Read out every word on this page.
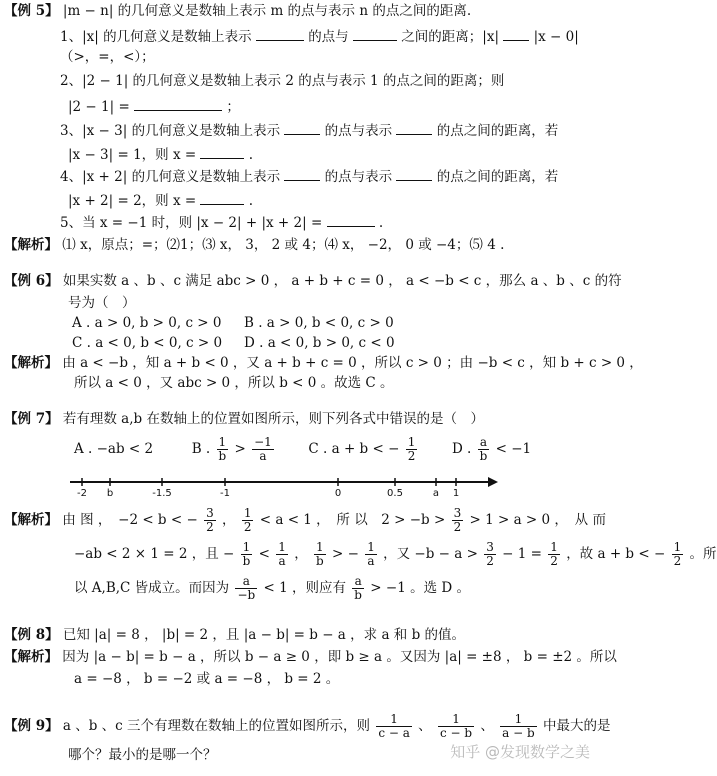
【例 5】 |m − n| 的几何意义是数轴上表示 m 的点与表示 n 的点之间的距离.
1、|x| 的几何意义是数轴上表示	的点与	之间的距离；|x|	|x − 0|
（>，=，<）；
2、|2 − 1| 的几何意义是数轴上表示 2 的点与表示 1 的点之间的距离；则
|2 − 1| =	；
3、|x − 3| 的几何意义是数轴上表示	的点与表示	的点之间的距离，若
|x − 3| = 1，则 x =	.
4、|x + 2| 的几何意义是数轴上表示	的点与表示	的点之间的距离，若
|x + 2| = 2，则 x =	.
5、当 x = −1 时，则 |x − 2| + |x + 2| =	.
【解析】 ⑴ x，原点；=；⑵1；⑶ x， 3， 2 或 4；⑷ x， −2， 0 或 −4；⑸ 4 .
【例 6】 如果实数 a 、b 、c 满足 abc > 0 ， a + b + c = 0 ， a < −b < c ，那么 a 、b 、c 的符
号为（　）
A . a > 0, b > 0, c > 0 B . a > 0, b < 0, c > 0
C . a < 0, b < 0, c > 0 D . a < 0, b > 0, c < 0
【解析】 由 a < −b ，知 a + b < 0 ，又 a + b + c = 0 ，所以 c > 0 ；由 −b < c ，知 b + c > 0 ，
所以 a < 0 ，又 abc > 0 ，所以 b < 0 。故选 C 。
【例 7】 若有理数 a,b 在数轴上的位置如图所示，则下列各式中错误的是（　）
A . −ab < 2	B . $\frac{1}{b} > \frac{-1}{a}$	C . a + b < − $\frac{1}{2}$	D . $\frac{a}{b} < -1$
-2 b	-1.5	-1	0	0.5	a 1
【解析】 由 图 ，　−2 < b < − $\frac{3}{2}$ ， $\frac{1}{2} < a < 1$ ，　所 以　$2 > -b > \frac{3}{2} > 1 > a > 0$ ，　从 而
−ab < 2 × 1 = 2 ，且 − $\frac{1}{b} < \frac{1}{a}$ ， $\frac{1}{b}$ > − $\frac{1}{a}$ ，又 $-b - a > \frac{3}{2} - 1 = \frac{1}{2}$ ，故 a + b < − $\frac{1}{2}$ 。所
以 A,B,C 皆成立。而因为 $\frac{a}{-b} < 1$ ，则应有 $\frac{a}{b} > -1$ 。选 D 。
【例 8】 已知 |a| = 8 ， |b| = 2 ，且 |a − b| = b − a ，求 a 和 b 的值。
【解析】 因为 |a − b| = b − a ，所以 b − a ≥ 0 ，即 b ≥ a 。又因为 |a| = ±8 ， b = ±2 。所以
a = −8 ， b = −2 或 a = −8 ， b = 2 。
【例 9】 a 、b 、c 三个有理数在数轴上的位置如图所示，则 $\frac{1}{c - a}$ 、 $\frac{1}{c - b}$ 、 $\frac{1}{a - b}$ 中最大的是
哪个？最小的是哪一个？	知乎 @发现数学之美
